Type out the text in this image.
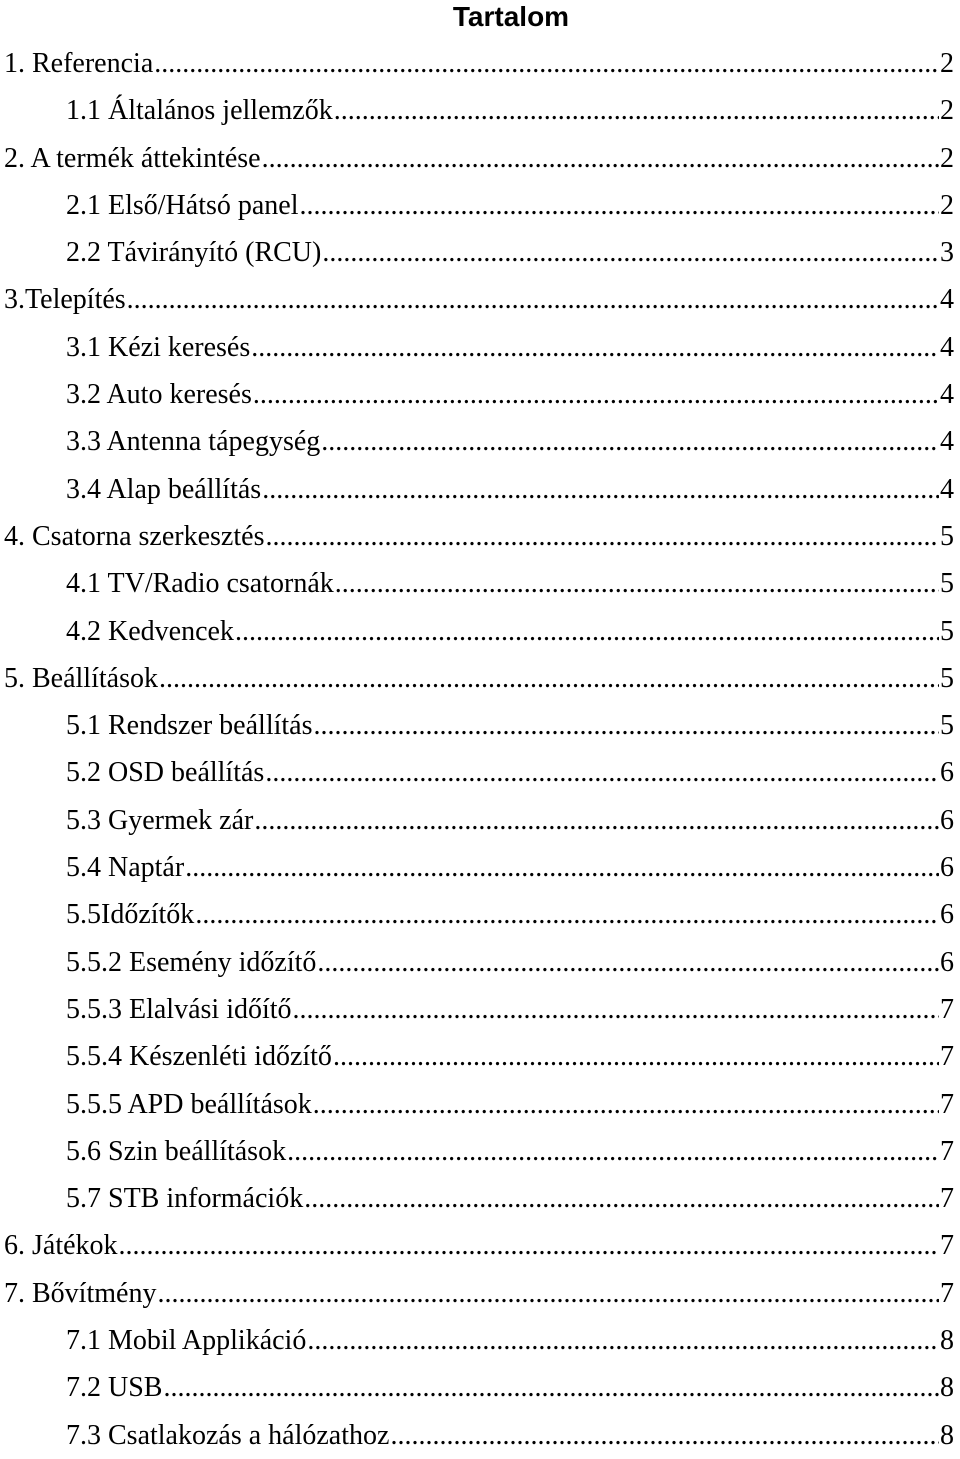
Tartalom
1. Referencia .....	2
1.1 Általános jellemzők .....	2
2. A termék áttekintése .....	2
2.1 Első/Hátsó panel .....	2
2.2 Távirányító (RCU) .....	3
3.Telepítés .....	4
3.1 Kézi keresés .....	4
3.2 Auto keresés .....	4
3.3 Antenna tápegység .....	4
3.4 Alap beállítás .....	4
4. Csatorna szerkesztés .....	5
4.1 TV/Radio csatornák .....	5
4.2 Kedvencek .....	5
5. Beállítások .....	5
5.1 Rendszer beállítás .....	5
5.2 OSD beállítás .....	6
5.3 Gyermek zár .....	6
5.4 Naptár .....	6
5.5Időzítők .....	6
5.5.2 Esemény időzítő .....	6
5.5.3 Elalvási időítő .....	7
5.5.4 Készenléti időzítő .....	7
5.5.5 APD beállítások .....	7
5.6 Szin beállítások .....	7
5.7 STB információk .....	7
6. Játékok .....	7
7. Bővítmény .....	7
7.1 Mobil Applikáció .....	8
7.2 USB .....	8
7.3 Csatlakozás a hálózathoz .....	8
